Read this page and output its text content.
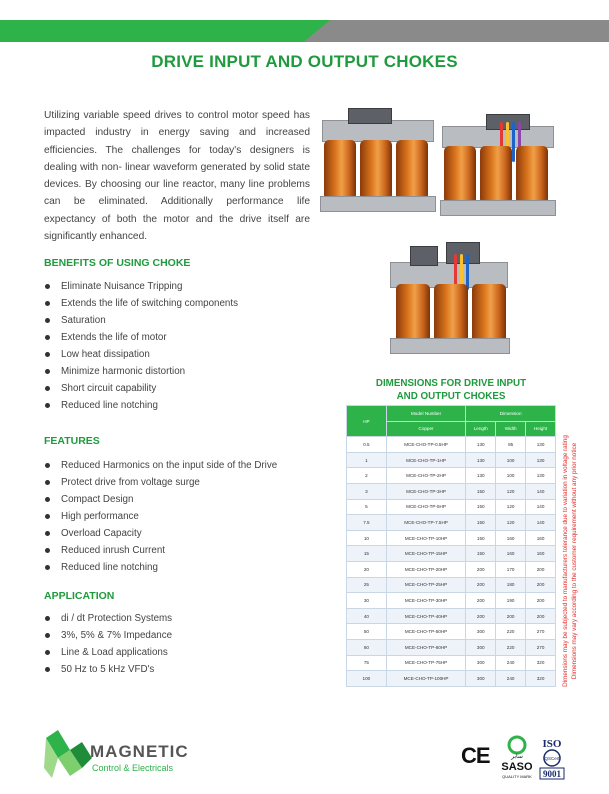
DRIVE INPUT AND OUTPUT CHOKES

Utilizing variable speed drives to control motor speed has impacted industry in energy saving and increased efficiencies. The challenges for today's designers is dealing with non- linear waveform generated by solid state devices. By choosing our line reactor, many line problems can be eliminated. Additionally performance life expectancy of both the motor and the drive itself are significantly enhanced.

BENEFITS OF USING CHOKE
Eliminate Nuisance Tripping
Extends the life of switching components
Saturation
Extends the life of motor
Low heat dissipation
Minimize harmonic distortion
Short circuit capability
Reduced line notching
FEATURES
Reduced Harmonics on the input side of the Drive
Protect drive from voltage surge
Compact Design
High performance
Overload Capacity
Reduced inrush Current
Reduced line notching
APPLICATION
di / dt Protection Systems
3%, 5% & 7% Impedance
Line & Load applications
50 Hz to 5 kHz VFD's
DIMENSIONS FOR DRIVE INPUT
AND OUTPUT CHOKES
HP	Model Number	Dimension		
	Copper	Length	Width	Height
0.5	MCE-CHO-TP-0.5HP	130	85	130
1	MCE-CHO-TP-1HP	130	100	130
2	MCE-CHO-TP-2HP	130	100	130
3	MCE-CHO-TP-3HP	150	120	140
5	MCE-CHO-TP-5HP	150	120	140
7.5	MCE-CHO-TP-7.5HP	150	120	140
10	MCE-CHO-TP-10HP	150	160	160
15	MCE-CHO-TP-15HP	150	160	160
20	MCE-CHO-TP-20HP	200	170	200
25	MCE-CHO-TP-25HP	200	180	200
30	MCE-CHO-TP-30HP	200	190	200
40	MCE-CHO-TP-40HP	200	200	200
50	MCE-CHO-TP-50HP	300	220	270
60	MCE-CHO-TP-60HP	300	220	270
75	MCE-CHO-TP-75HP	300	240	320
100	MCE-CHO-TP-100HP	300	240	320	Dimensions may be subjected to manufacturers tolerance due to variation in voltage rating Dimensions may vary according to the customer requirement without any prior notice
MAGNETIC
Control & Electricals	CE	سابر
SASO
QUALITY MARK
ISO
QSCert
9001
